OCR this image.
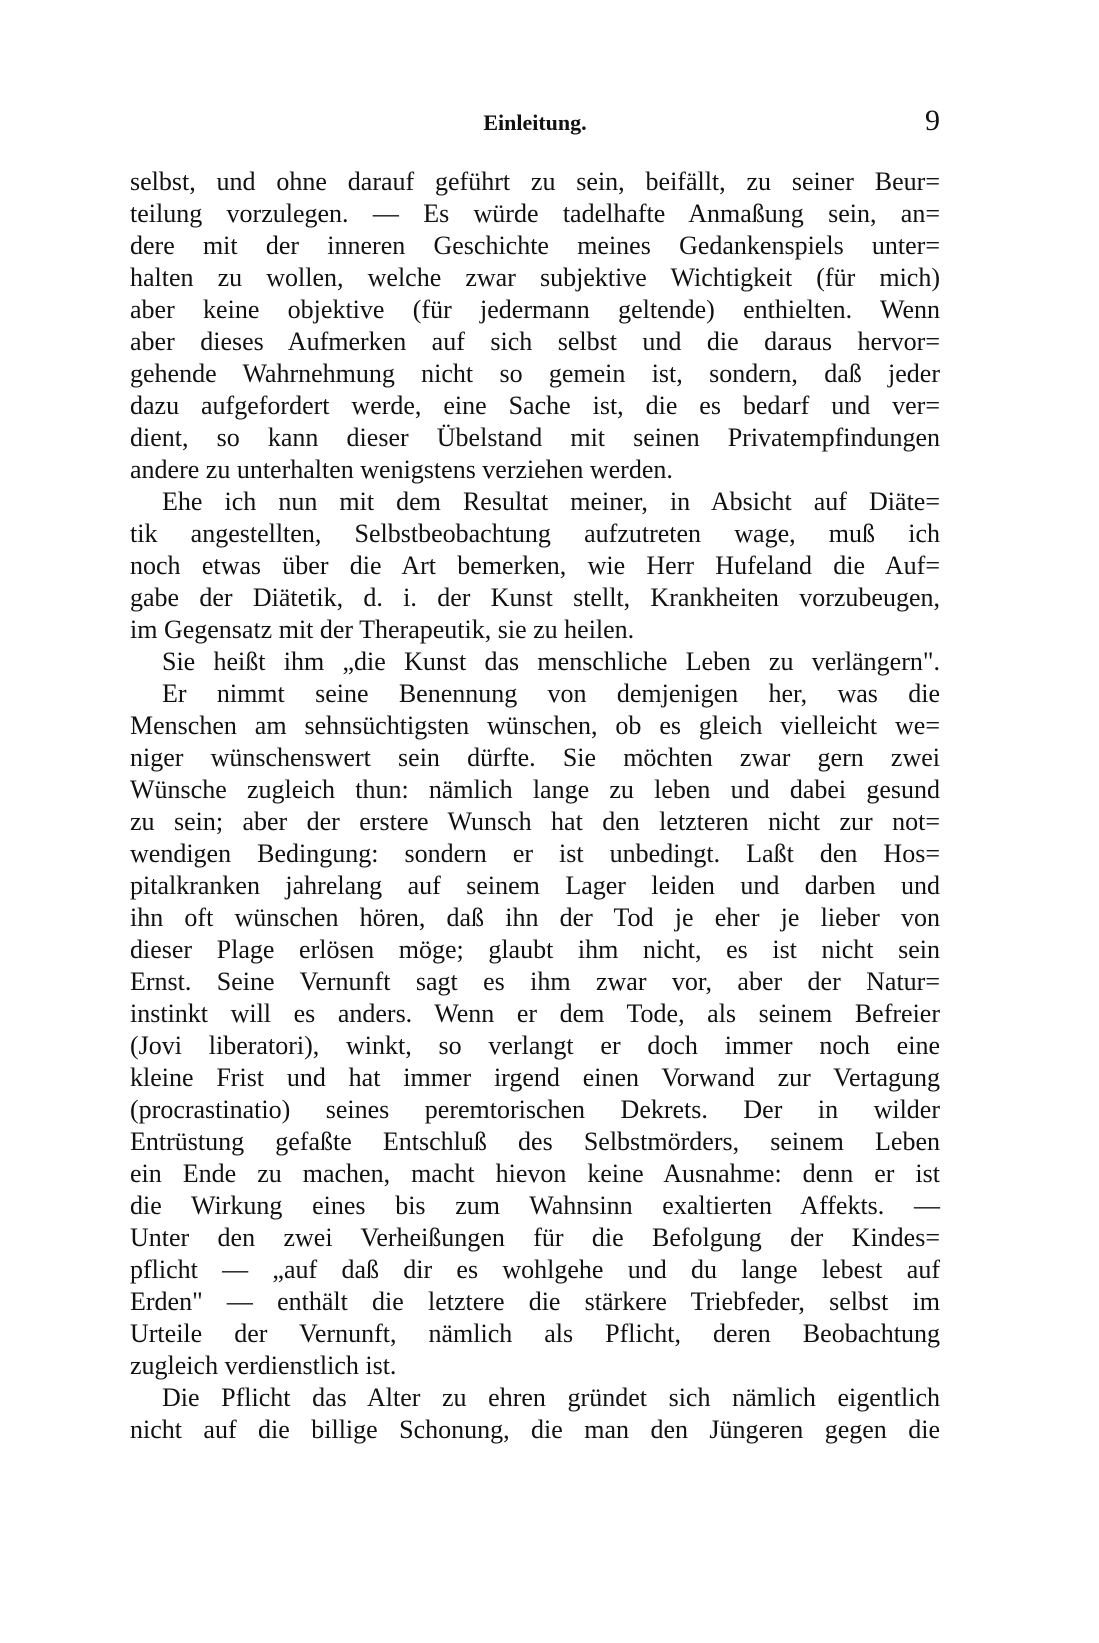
Einleitung.	9
selbst, und ohne darauf geführt zu sein, beifällt, zu seiner Beur=
teilung vorzulegen. — Es würde tadelhafte Anmaßung sein, an=
dere mit der inneren Geschichte meines Gedankenspiels unter=
halten zu wollen, welche zwar subjektive Wichtigkeit (für mich)
aber keine objektive (für jedermann geltende) enthielten. Wenn
aber dieses Aufmerken auf sich selbst und die daraus hervor=
gehende Wahrnehmung nicht so gemein ist, sondern, daß jeder
dazu aufgefordert werde, eine Sache ist, die es bedarf und ver=
dient, so kann dieser Übelstand mit seinen Privatempfindungen
andere zu unterhalten wenigstens verziehen werden.
Ehe ich nun mit dem Resultat meiner, in Absicht auf Diäte=
tik angestellten, Selbstbeobachtung aufzutreten wage, muß ich
noch etwas über die Art bemerken, wie Herr Hufeland die Auf=
gabe der Diätetik, d. i. der Kunst stellt, Krankheiten vorzubeugen,
im Gegensatz mit der Therapeutik, sie zu heilen.
Sie heißt ihm „die Kunst das menschliche Leben zu verlängern".
Er nimmt seine Benennung von demjenigen her, was die
Menschen am sehnsüchtigsten wünschen, ob es gleich vielleicht we=
niger wünschenswert sein dürfte. Sie möchten zwar gern zwei
Wünsche zugleich thun: nämlich lange zu leben und dabei gesund
zu sein; aber der erstere Wunsch hat den letzteren nicht zur not=
wendigen Bedingung: sondern er ist unbedingt. Laßt den Hos=
pitalkranken jahrelang auf seinem Lager leiden und darben und
ihn oft wünschen hören, daß ihn der Tod je eher je lieber von
dieser Plage erlösen möge; glaubt ihm nicht, es ist nicht sein
Ernst. Seine Vernunft sagt es ihm zwar vor, aber der Natur=
instinkt will es anders. Wenn er dem Tode, als seinem Befreier
(Jovi liberatori), winkt, so verlangt er doch immer noch eine
kleine Frist und hat immer irgend einen Vorwand zur Vertagung
(procrastinatio) seines peremtorischen Dekrets. Der in wilder
Entrüstung gefaßte Entschluß des Selbstmörders, seinem Leben
ein Ende zu machen, macht hievon keine Ausnahme: denn er ist
die Wirkung eines bis zum Wahnsinn exaltierten Affekts. —
Unter den zwei Verheißungen für die Befolgung der Kindes=
pflicht — „auf daß dir es wohlgehe und du lange lebest auf
Erden" — enthält die letztere die stärkere Triebfeder, selbst im
Urteile der Vernunft, nämlich als Pflicht, deren Beobachtung
zugleich verdienstlich ist.
Die Pflicht das Alter zu ehren gründet sich nämlich eigentlich
nicht auf die billige Schonung, die man den Jüngeren gegen die
